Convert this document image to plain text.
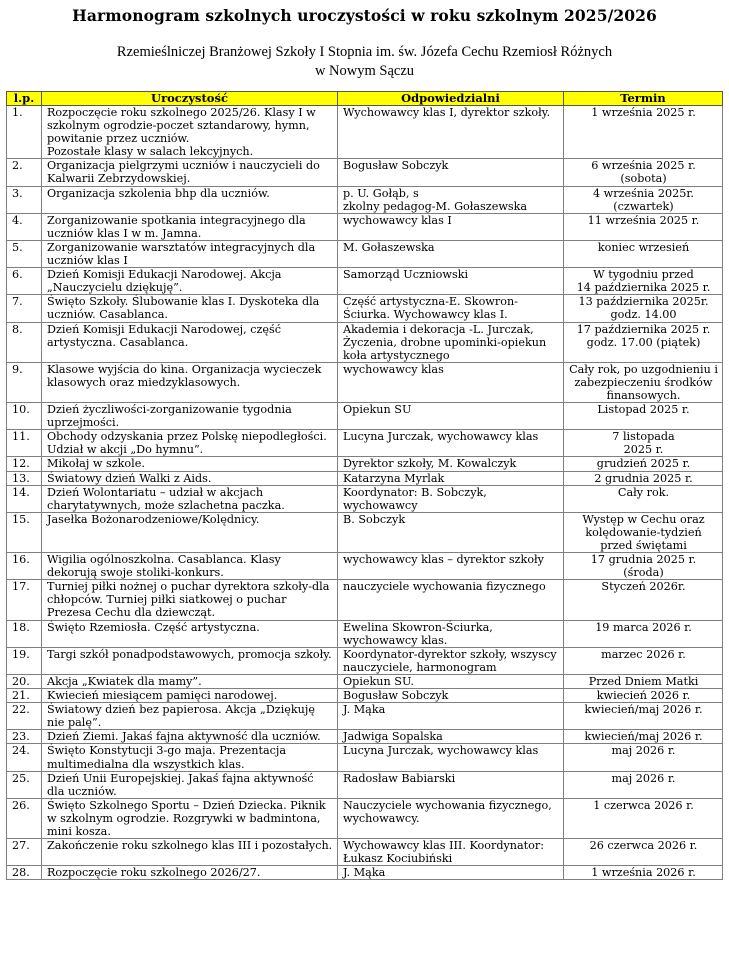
Harmonogram szkolnych uroczystości w roku szkolnym 2025/2026
Rzemieślniczej Branżowej Szkoły I Stopnia im. św. Józefa Cechu Rzemiosł Różnych
w Nowym Sączu
l.p.	Uroczystość	Odpowiedzialni	Termin
1.	Rozpoczęcie roku szkolnego 2025/26. Klasy I w szkolnym ogrodzie-poczet sztandarowy, hymn, powitanie przez uczniów.
Pozostałe klasy w salach lekcyjnych.	Wychowawcy klas I, dyrektor szkoły.	1 września 2025 r.
2.	Organizacja pielgrzymi uczniów i nauczycieli do Kalwarii Zebrzydowskiej.	Bogusław Sobczyk	6 września 2025 r. (sobota)
3.	Organizacja szkolenia bhp dla uczniów.	p. U. Gołąb, s
zkolny pedagog-M. Gołaszewska	4 września 2025r.(czwartek)
4.	Zorganizowanie spotkania integracyjnego dla uczniów klas I w m. Jamna.	wychowawcy klas I	11 września 2025 r.
5.	Zorganizowanie warsztatów integracyjnych dla uczniów klas I	M. Gołaszewska	koniec wrzesień
6.	Dzień Komisji Edukacji Narodowej. Akcja „Nauczycielu dziękuję”.	Samorząd Uczniowski	W tygodniu przed
14 października 2025 r.
7.	Święto Szkoły. Ślubowanie klas I. Dyskoteka dla uczniów. Casablanca.	Część artystyczna-E. Skowron-Ściurka. Wychowawcy klas I.	13 października 2025r. godz. 14.00
8.	Dzień Komisji Edukacji Narodowej, część artystyczna. Casablanca.	Akademia i dekoracja -L. Jurczak, Życzenia, drobne upominki-opiekun koła artystycznego	17 października 2025 r. godz. 17.00 (piątek)
9.	Klasowe wyjścia do kina. Organizacja wycieczek klasowych oraz miedzyklasowych.	wychowawcy klas	Cały rok, po uzgodnieniu i zabezpieczeniu środków finansowych.
10.	Dzień życzliwości-zorganizowanie tygodnia uprzejmości.	Opiekun SU	Listopad 2025 r.
11.	Obchody odzyskania przez Polskę niepodległości. Udział w akcji „Do hymnu”.	Lucyna Jurczak, wychowawcy klas	7 listopada
2025 r.
12.	Mikołaj w szkole.	Dyrektor szkoły, M. Kowalczyk	grudzień 2025 r.
13.	Światowy dzień Walki z Aids.	Katarzyna Myrlak	2 grudnia 2025 r.
14.	Dzień Wolontariatu – udział w akcjach charytatywnych, może szlachetna paczka.	Koordynator: B. Sobczyk, wychowawcy	Cały rok.
15.	Jasełka Bożonarodzeniowe/Kolędnicy.	B. Sobczyk	Występ w Cechu oraz kolędowanie-tydzień przed świętami
16.	Wigilia ogólnoszkolna. Casablanca. Klasy dekorują swoje stoliki-konkurs.	wychowawcy klas – dyrektor szkoły	17 grudnia 2025 r. (środa)
17.	Turniej piłki nożnej o puchar dyrektora szkoły-dla chłopców. Turniej piłki siatkowej o puchar Prezesa Cechu dla dziewcząt.	nauczyciele wychowania fizycznego	Styczeń 2026r.
18.	Święto Rzemiosła. Część artystyczna.	Ewelina Skowron-Ściurka, wychowawcy klas.	19 marca 2026 r.
19.	Targi szkół ponadpodstawowych, promocja szkoły.	Koordynator-dyrektor szkoły, wszyscy nauczyciele, harmonogram	marzec 2026 r.
20.	Akcja „Kwiatek dla mamy”.	Opiekun SU.	Przed Dniem Matki
21.	Kwiecień miesiącem pamięci narodowej.	Bogusław Sobczyk	kwiecień 2026 r.
22.	Światowy dzień bez papierosa. Akcja „Dziękuję nie palę”.	J. Mąka	kwiecień/maj 2026 r.
23.	Dzień Ziemi. Jakaś fajna aktywność dla uczniów.	Jadwiga Sopalska	kwiecień/maj 2026 r.
24.	Święto Konstytucji 3-go maja. Prezentacja multimedialna dla wszystkich klas.	Lucyna Jurczak, wychowawcy klas	maj 2026 r.
25.	Dzień Unii Europejskiej. Jakaś fajna aktywność dla uczniów.	Radosław Babiarski	maj 2026 r.
26.	Święto Szkolnego Sportu – Dzień Dziecka. Piknik w szkolnym ogrodzie. Rozgrywki w badmintona, mini kosza.	Nauczyciele wychowania fizycznego, wychowawcy.	1 czerwca 2026 r.
27.	Zakończenie roku szkolnego klas III i pozostałych.	Wychowawcy klas III. Koordynator: Łukasz Kociubiński	26 czerwca 2026 r.
28.	Rozpoczęcie roku szkolnego 2026/27.	J. Mąka	1 września 2026 r.
